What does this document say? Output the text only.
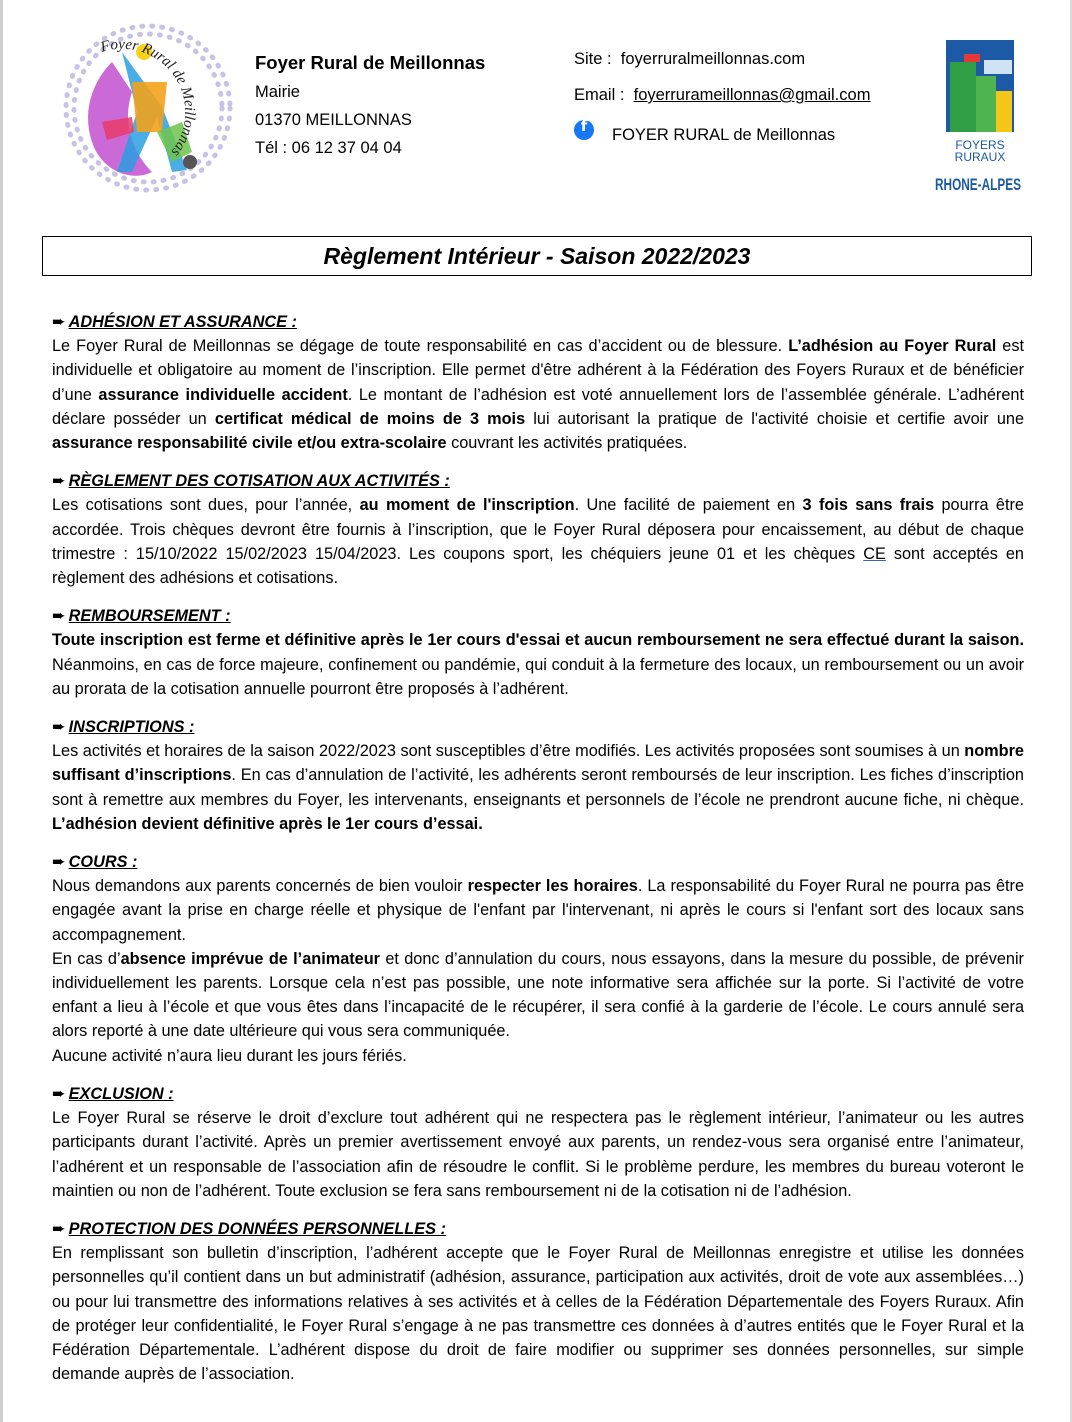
Foyer Rural de Meillonnas
Foyer Rural de Meillonnas
Mairie
01370 MEILLONNAS
Tél : 06 12 37 04 04
Site : foyerruralmeillonnas.com
Email : foyerrurameillonnas@gmail.com
f	FOYER RURAL de Meillonnas
FOYERS
RURAUX
RHONE-ALPES
Règlement Intérieur - Saison 2022/2023
➨ ADHÉSION ET ASSURANCE :

Le Foyer Rural de Meillonnas se dégage de toute responsabilité en cas d’accident ou de blessure. L’adhésion au Foyer Rural est individuelle et obligatoire au moment de l’inscription. Elle permet d'être adhérent à la Fédération des Foyers Ruraux et de bénéficier d’une assurance individuelle accident. Le montant de l’adhésion est voté annuellement lors de l’assemblée générale. L’adhérent déclare posséder un certificat médical de moins de 3 mois lui autorisant la pratique de l'activité choisie et certifie avoir une assurance responsabilité civile et/ou extra-scolaire couvrant les activités pratiquées.

➨ RÈGLEMENT DES COTISATION AUX ACTIVITÉS :

Les cotisations sont dues, pour l’année, au moment de l'inscription. Une facilité de paiement en 3 fois sans frais pourra être accordée. Trois chèques devront être fournis à l’inscription, que le Foyer Rural déposera pour encaissement, au début de chaque trimestre : 15/10/2022 15/02/2023 15/04/2023. Les coupons sport, les chéquiers jeune 01 et les chèques CE sont acceptés en règlement des adhésions et cotisations.

➨ REMBOURSEMENT :

Toute inscription est ferme et définitive après le 1er cours d'essai et aucun remboursement ne sera effectué durant la saison. Néanmoins, en cas de force majeure, confinement ou pandémie, qui conduit à la fermeture des locaux, un remboursement ou un avoir au prorata de la cotisation annuelle pourront être proposés à l’adhérent.

➨ INSCRIPTIONS :

Les activités et horaires de la saison 2022/2023 sont susceptibles d’être modifiés. Les activités proposées sont soumises à un nombre suffisant d’inscriptions. En cas d’annulation de l’activité, les adhérents seront remboursés de leur inscription. Les fiches d’inscription sont à remettre aux membres du Foyer, les intervenants, enseignants et personnels de l’école ne prendront aucune fiche, ni chèque. L’adhésion devient définitive après le 1er cours d’essai.

➨ COURS :

Nous demandons aux parents concernés de bien vouloir respecter les horaires. La responsabilité du Foyer Rural ne pourra pas être engagée avant la prise en charge réelle et physique de l'enfant par l'intervenant, ni après le cours si l'enfant sort des locaux sans accompagnement.

En cas d’absence imprévue de l’animateur et donc d’annulation du cours, nous essayons, dans la mesure du possible, de prévenir individuellement les parents. Lorsque cela n’est pas possible, une note informative sera affichée sur la porte. Si l’activité de votre enfant a lieu à l’école et que vous êtes dans l’incapacité de le récupérer, il sera confié à la garderie de l’école. Le cours annulé sera alors reporté à une date ultérieure qui vous sera communiquée.

Aucune activité n’aura lieu durant les jours fériés.

➨ EXCLUSION :

Le Foyer Rural se réserve le droit d’exclure tout adhérent qui ne respectera pas le règlement intérieur, l’animateur ou les autres participants durant l’activité. Après un premier avertissement envoyé aux parents, un rendez-vous sera organisé entre l’animateur, l’adhérent et un responsable de l’association afin de résoudre le conflit. Si le problème perdure, les membres du bureau voteront le maintien ou non de l’adhérent. Toute exclusion se fera sans remboursement ni de la cotisation ni de l’adhésion.

➨ PROTECTION DES DONNÉES PERSONNELLES :

En remplissant son bulletin d’inscription, l’adhérent accepte que le Foyer Rural de Meillonnas enregistre et utilise les données personnelles qu’il contient dans un but administratif (adhésion, assurance, participation aux activités, droit de vote aux assemblées…) ou pour lui transmettre des informations relatives à ses activités et à celles de la Fédération Départementale des Foyers Ruraux. Afin de protéger leur confidentialité, le Foyer Rural s’engage à ne pas transmettre ces données à d’autres entités que le Foyer Rural et la Fédération Départementale. L’adhérent dispose du droit de faire modifier ou supprimer ses données personnelles, sur simple demande auprès de l’association.
